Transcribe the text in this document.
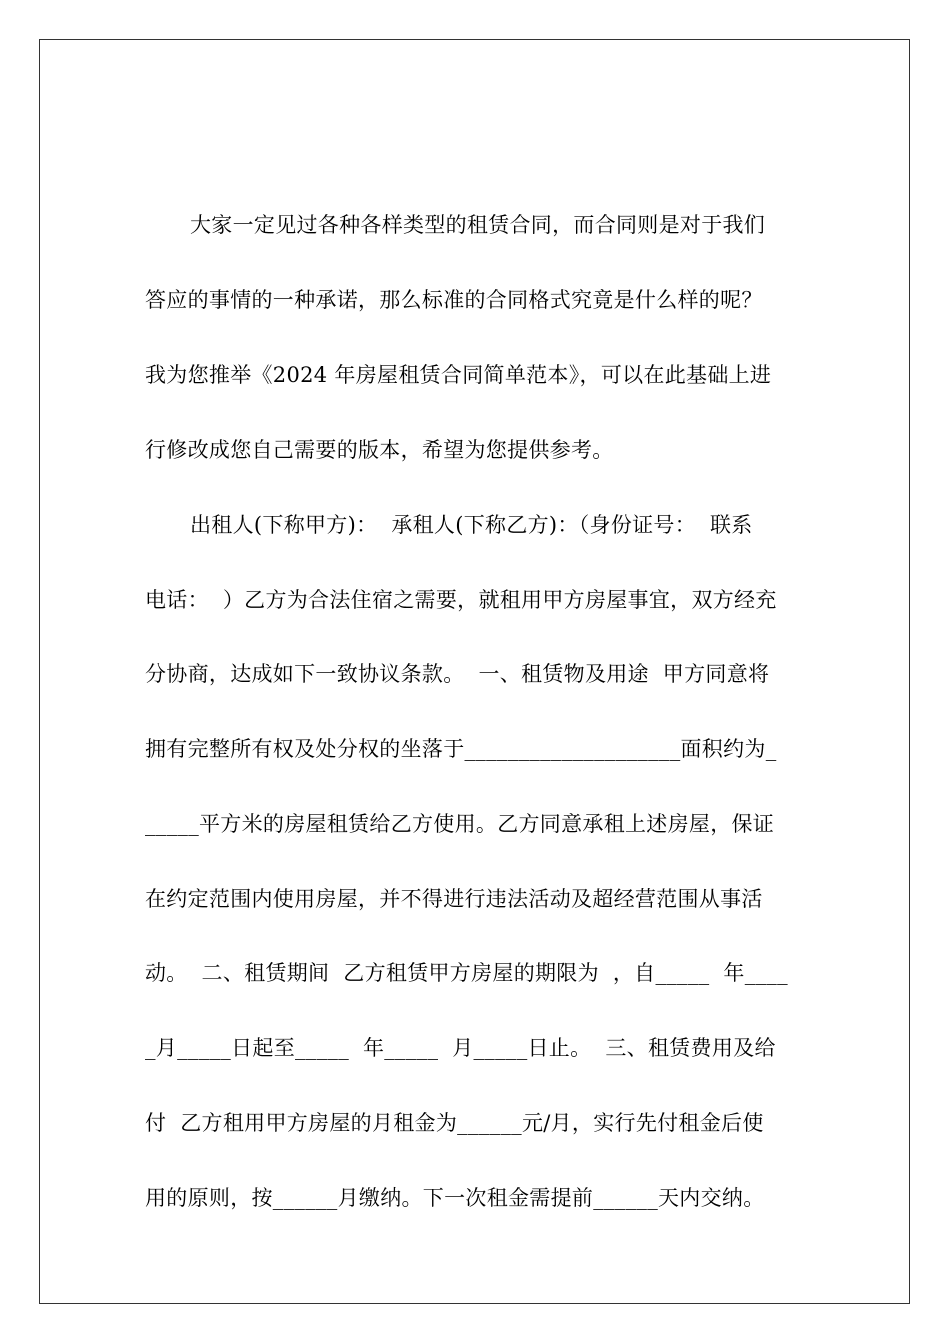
大家一定见过各种各样类型的租赁合同，而合同则是对于我们
答应的事情的一种承诺，那么标准的合同格式究竟是什么样的呢？
我为您推举《2024 年房屋租赁合同简单范本》，可以在此基础上进
行修改成您自己需要的版本，希望为您提供参考。
出租人(下称甲方)：  承租人(下称乙方)：（身份证号：  联系
电话：  ）乙方为合法住宿之需要，就租用甲方房屋事宜，双方经充
分协商，达成如下一致协议条款。  一、租赁物及用途  甲方同意将
拥有完整所有权及处分权的坐落于____________________面积约为_
_____平方米的房屋租赁给乙方使用。乙方同意承租上述房屋，保证
在约定范围内使用房屋，并不得进行违法活动及超经营范围从事活
动。  二、租赁期间  乙方租赁甲方房屋的期限为  ，自_____  年____
_月_____日起至_____  年_____  月_____日止。  三、租赁费用及给
付  乙方租用甲方房屋的月租金为______元/月，实行先付租金后使
用的原则，按______月缴纳。下一次租金需提前______天内交纳。
